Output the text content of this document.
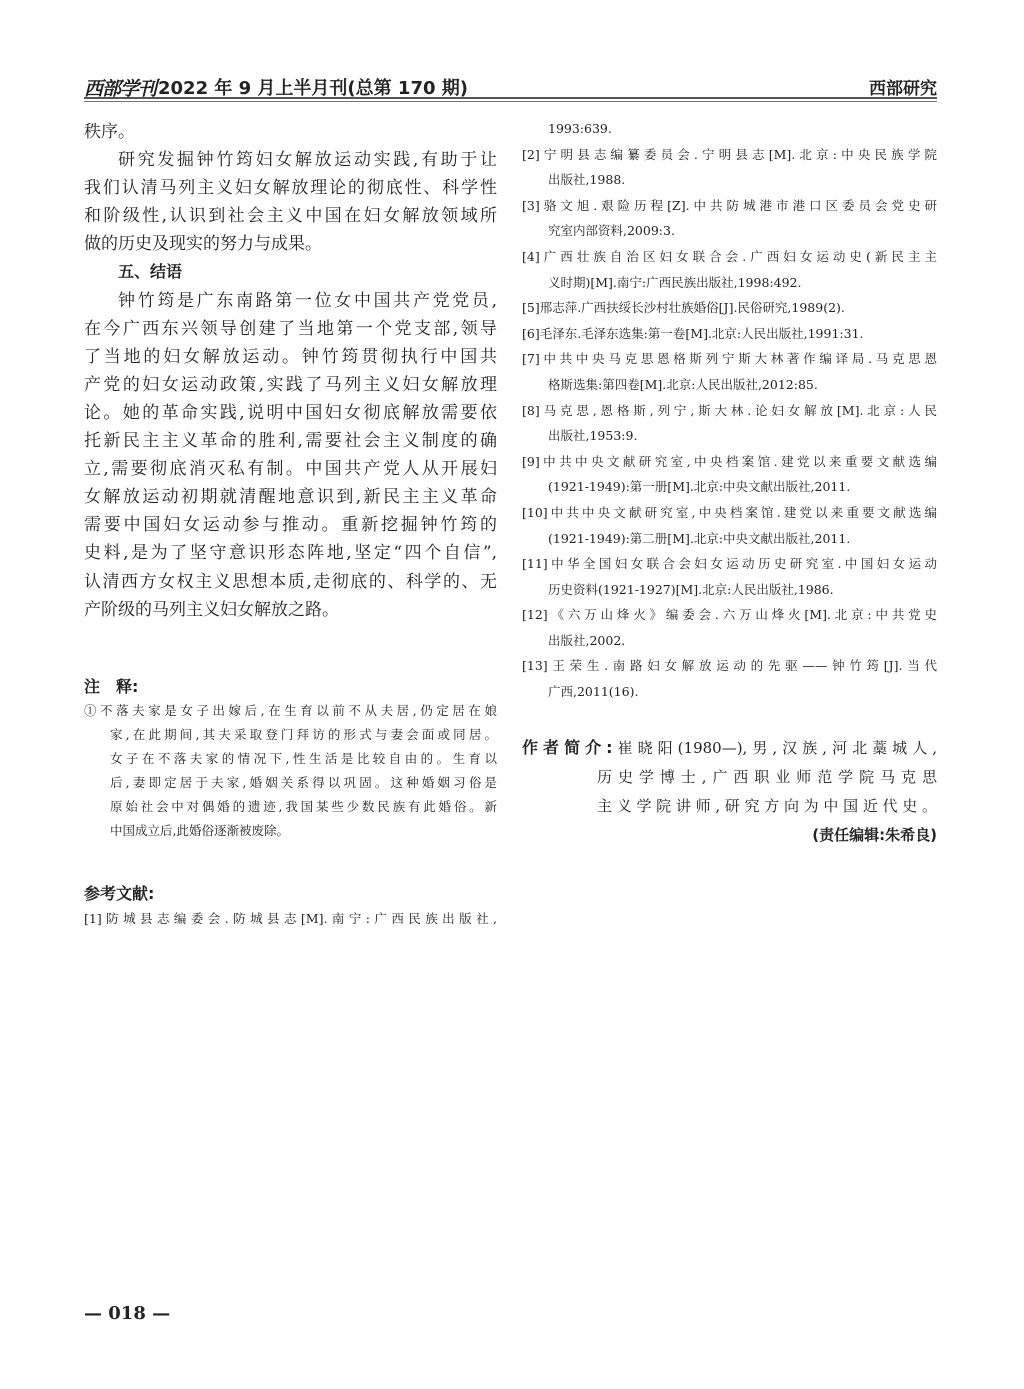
西部学刊 2022 年 9 月上半月刊(总第 170 期)	西部研究
秩序。
研究发掘钟竹筠妇女解放运动实践,有助于让
我们认清马列主义妇女解放理论的彻底性、科学性
和阶级性,认识到社会主义中国在妇女解放领域所
做的历史及现实的努力与成果。
五、结语
钟竹筠是广东南路第一位女中国共产党党员,
在今广西东兴领导创建了当地第一个党支部,领导
了当地的妇女解放运动。钟竹筠贯彻执行中国共
产党的妇女运动政策,实践了马列主义妇女解放理
论。她的革命实践,说明中国妇女彻底解放需要依
托新民主主义革命的胜利,需要社会主义制度的确
立,需要彻底消灭私有制。中国共产党人从开展妇
女解放运动初期就清醒地意识到,新民主主义革命
需要中国妇女运动参与推动。重新挖掘钟竹筠的
史料,是为了坚守意识形态阵地,坚定“四个自信”,
认清西方女权主义思想本质,走彻底的、科学的、无
产阶级的马列主义妇女解放之路。
注　释:
①不落夫家是女子出嫁后,在生育以前不从夫居,仍定居在娘
家,在此期间,其夫采取登门拜访的形式与妻会面或同居。
女子在不落夫家的情况下,性生活是比较自由的。生育以
后,妻即定居于夫家,婚姻关系得以巩固。这种婚姻习俗是
原始社会中对偶婚的遗迹,我国某些少数民族有此婚俗。新
中国成立后,此婚俗逐渐被废除。
参考文献:
[1]防城县志编委会.防城县志[M].南宁:广西民族出版社,
1993:639.
[2]宁明县志编纂委员会.宁明县志[M].北京:中央民族学院
出版社,1988.
[3]骆文旭.艰险历程[Z].中共防城港市港口区委员会党史研
究室内部资料,2009:3.
[4]广西壮族自治区妇女联合会.广西妇女运动史(新民主主
义时期)[M].南宁:广西民族出版社,1998:492.
[5]邢志萍.广西扶绥长沙村壮族婚俗[J].民俗研究,1989(2).
[6]毛泽东.毛泽东选集:第一卷[M].北京:人民出版社,1991:31.
[7]中共中央马克思恩格斯列宁斯大林著作编译局.马克思恩
格斯选集:第四卷[M].北京:人民出版社,2012:85.
[8]马克思,恩格斯,列宁,斯大林.论妇女解放[M].北京:人民
出版社,1953:9.
[9]中共中央文献研究室,中央档案馆.建党以来重要文献选编
(1921-1949):第一册[M].北京:中央文献出版社,2011.
[10]中共中央文献研究室,中央档案馆.建党以来重要文献选编
(1921-1949):第二册[M].北京:中央文献出版社,2011.
[11]中华全国妇女联合会妇女运动历史研究室.中国妇女运动
历史资料(1921-1927)[M].北京:人民出版社,1986.
[12]《六万山烽火》编委会.六万山烽火[M].北京:中共党史
出版社,2002.
[13]王荣生.南路妇女解放运动的先驱——钟竹筠[J].当代
广西,2011(16).
作者简介:崔晓阳(1980—),男,汉族,河北藁城人,
历史学博士,广西职业师范学院马克思
主义学院讲师,研究方向为中国近代史。
(责任编辑:朱希良)
— 018 —
